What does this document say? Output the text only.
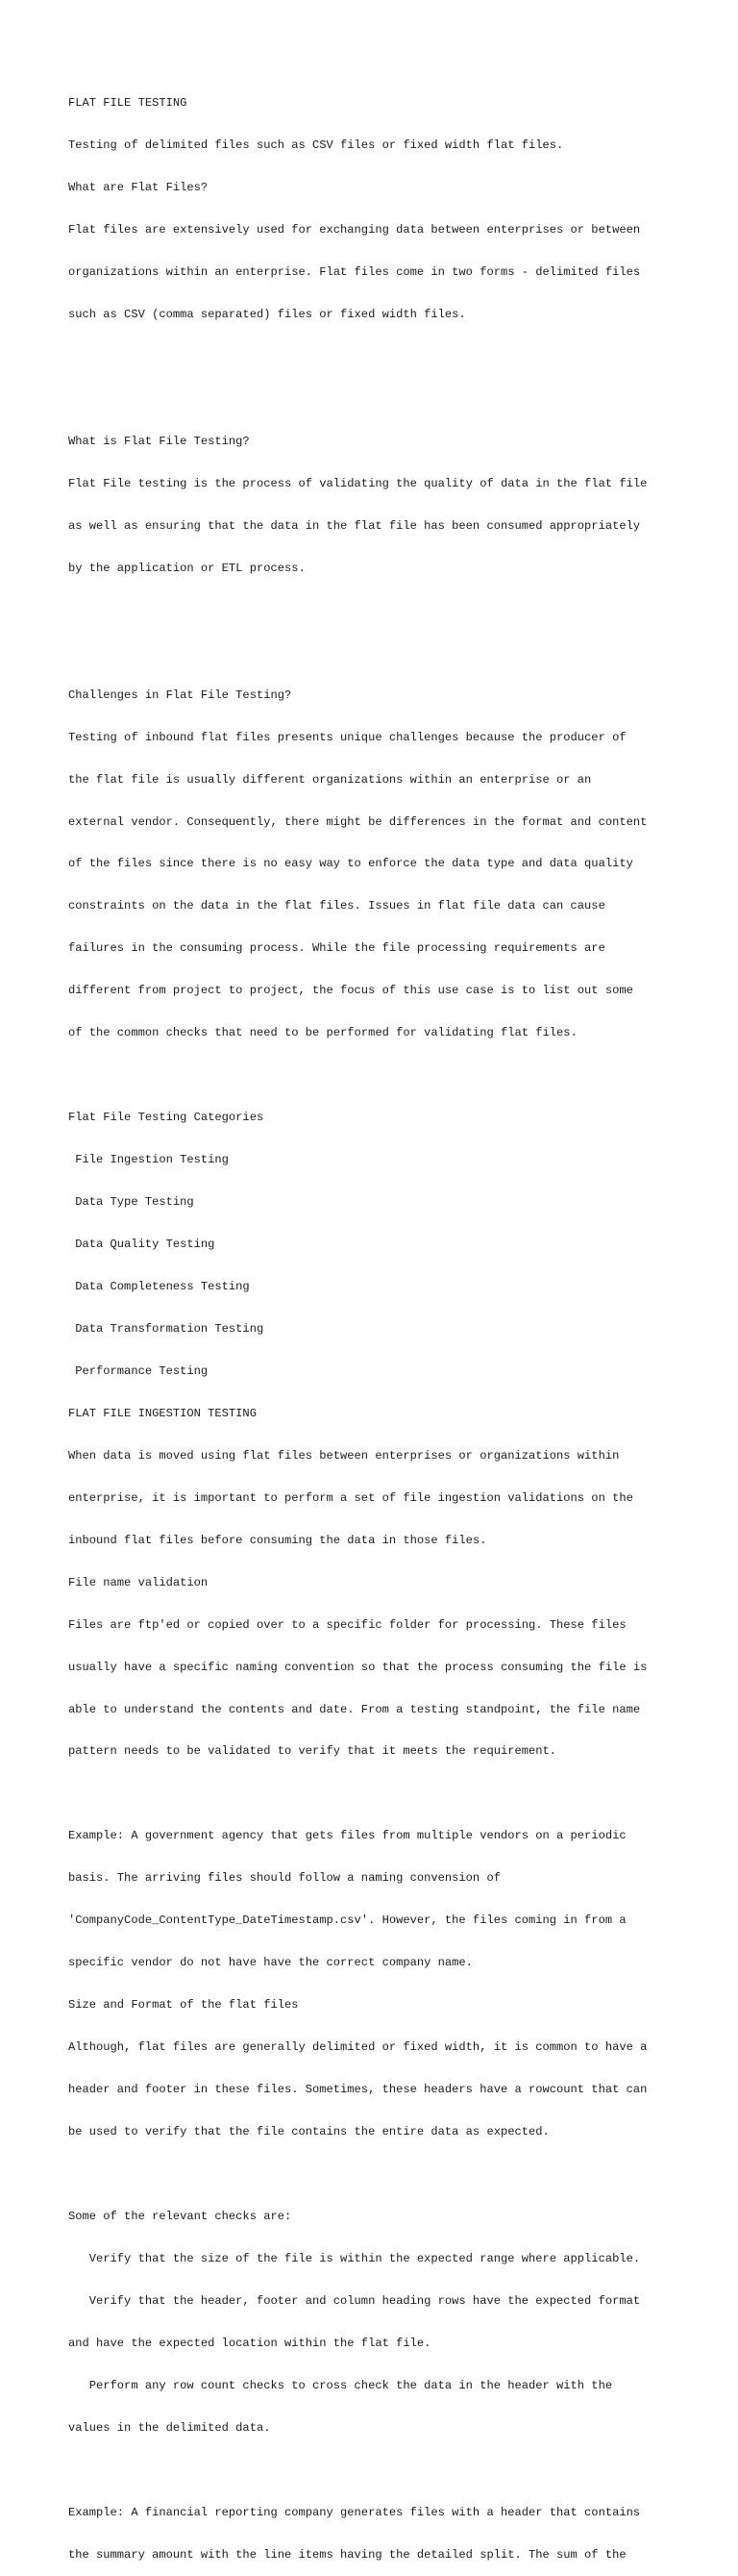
FLAT FILE TESTING

Testing of delimited files such as CSV files or fixed width flat files.

What are Flat Files?

Flat files are extensively used for exchanging data between enterprises or between

organizations within an enterprise. Flat files come in two forms - delimited files

such as CSV (comma separated) files or fixed width files.

What is Flat File Testing?

Flat File testing is the process of validating the quality of data in the flat file

as well as ensuring that the data in the flat file has been consumed appropriately

by the application or ETL process.

Challenges in Flat File Testing?

Testing of inbound flat files presents unique challenges because the producer of

the flat file is usually different organizations within an enterprise or an

external vendor. Consequently, there might be differences in the format and content

of the files since there is no easy way to enforce the data type and data quality

constraints on the data in the flat files. Issues in flat file data can cause

failures in the consuming process. While the file processing requirements are

different from project to project, the focus of this use case is to list out some

of the common checks that need to be performed for validating flat files.

Flat File Testing Categories

File Ingestion Testing

Data Type Testing

Data Quality Testing

Data Completeness Testing

Data Transformation Testing

Performance Testing

FLAT FILE INGESTION TESTING

When data is moved using flat files between enterprises or organizations within

enterprise, it is important to perform a set of file ingestion validations on the

inbound flat files before consuming the data in those files.

File name validation

Files are ftp'ed or copied over to a specific folder for processing. These files

usually have a specific naming convention so that the process consuming the file is

able to understand the contents and date. From a testing standpoint, the file name

pattern needs to be validated to verify that it meets the requirement.

Example: A government agency that gets files from multiple vendors on a periodic

basis. The arriving files should follow a naming convension of

'CompanyCode_ContentType_DateTimestamp.csv'. However, the files coming in from a

specific vendor do not have have the correct company name.

Size and Format of the flat files

Although, flat files are generally delimited or fixed width, it is common to have a

header and footer in these files. Sometimes, these headers have a rowcount that can

be used to verify that the file contains the entire data as expected.

Some of the relevant checks are:

Verify that the size of the file is within the expected range where applicable.

Verify that the header, footer and column heading rows have the expected format

and have the expected location within the flat file.

Perform any row count checks to cross check the data in the header with the

values in the delimited data.

Example: A financial reporting company generates files with a header that contains

the summary amount with the line items having the detailed split. The sum of the
